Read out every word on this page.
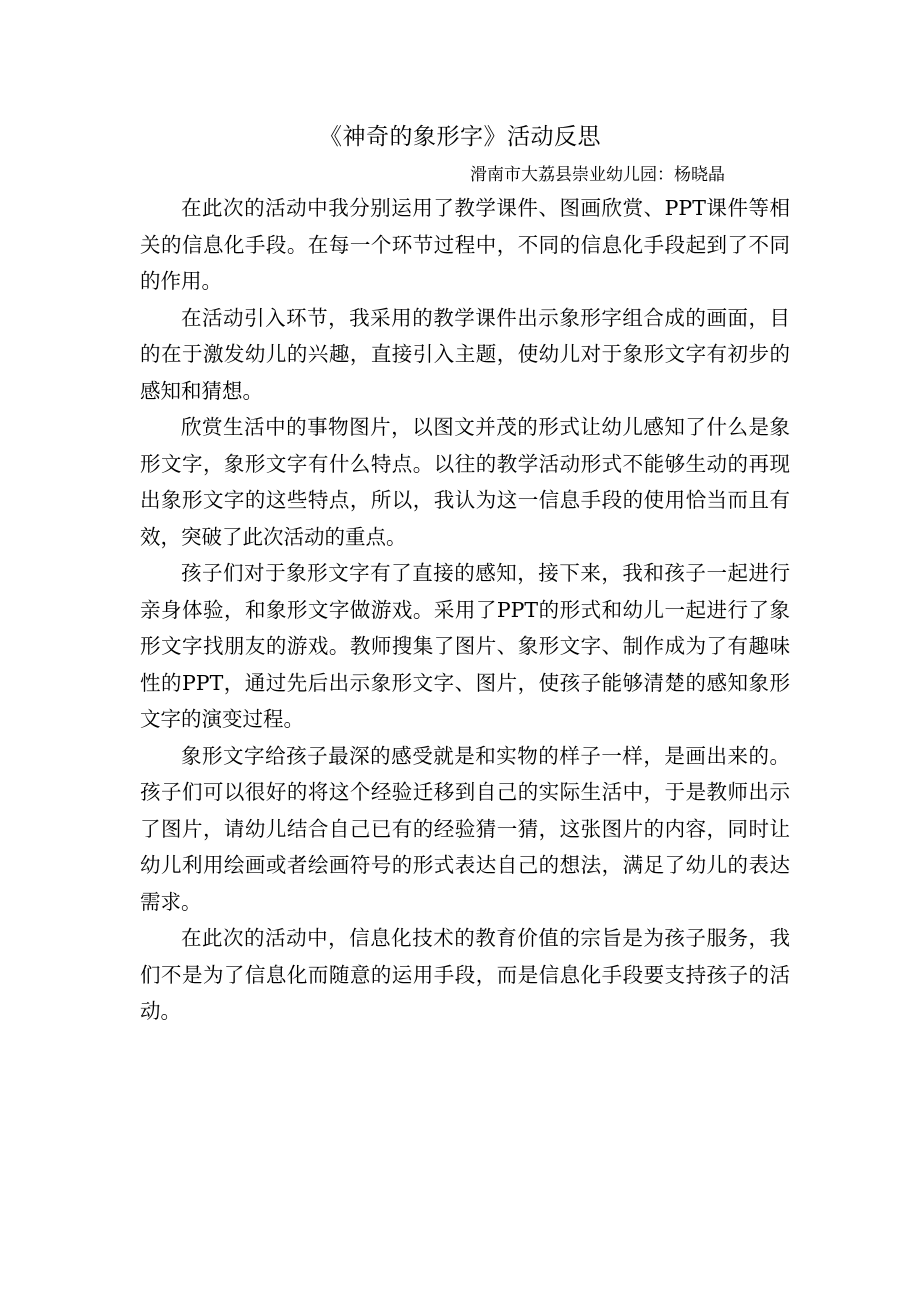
《神奇的象形字》活动反思
滑南市大荔县崇业幼儿园：杨晓晶

在此次的活动中我分别运用了教学课件、图画欣赏、PPT课件等相关的信息化手段。在每一个环节过程中，不同的信息化手段起到了不同的作用。

在活动引入环节，我采用的教学课件出示象形字组合成的画面，目的在于激发幼儿的兴趣，直接引入主题，使幼儿对于象形文字有初步的感知和猜想。

欣赏生活中的事物图片，以图文并茂的形式让幼儿感知了什么是象形文字，象形文字有什么特点。以往的教学活动形式不能够生动的再现出象形文字的这些特点，所以，我认为这一信息手段的使用恰当而且有效，突破了此次活动的重点。

孩子们对于象形文字有了直接的感知，接下来，我和孩子一起进行亲身体验，和象形文字做游戏。采用了PPT的形式和幼儿一起进行了象形文字找朋友的游戏。教师搜集了图片、象形文字、制作成为了有趣味性的PPT，通过先后出示象形文字、图片，使孩子能够清楚的感知象形文字的演变过程。

象形文字给孩子最深的感受就是和实物的样子一样，是画出来的。孩子们可以很好的将这个经验迁移到自己的实际生活中，于是教师出示了图片，请幼儿结合自己已有的经验猜一猜，这张图片的内容，同时让幼儿利用绘画或者绘画符号的形式表达自己的想法，满足了幼儿的表达需求。

在此次的活动中，信息化技术的教育价值的宗旨是为孩子服务，我们不是为了信息化而随意的运用手段，而是信息化手段要支持孩子的活动。
